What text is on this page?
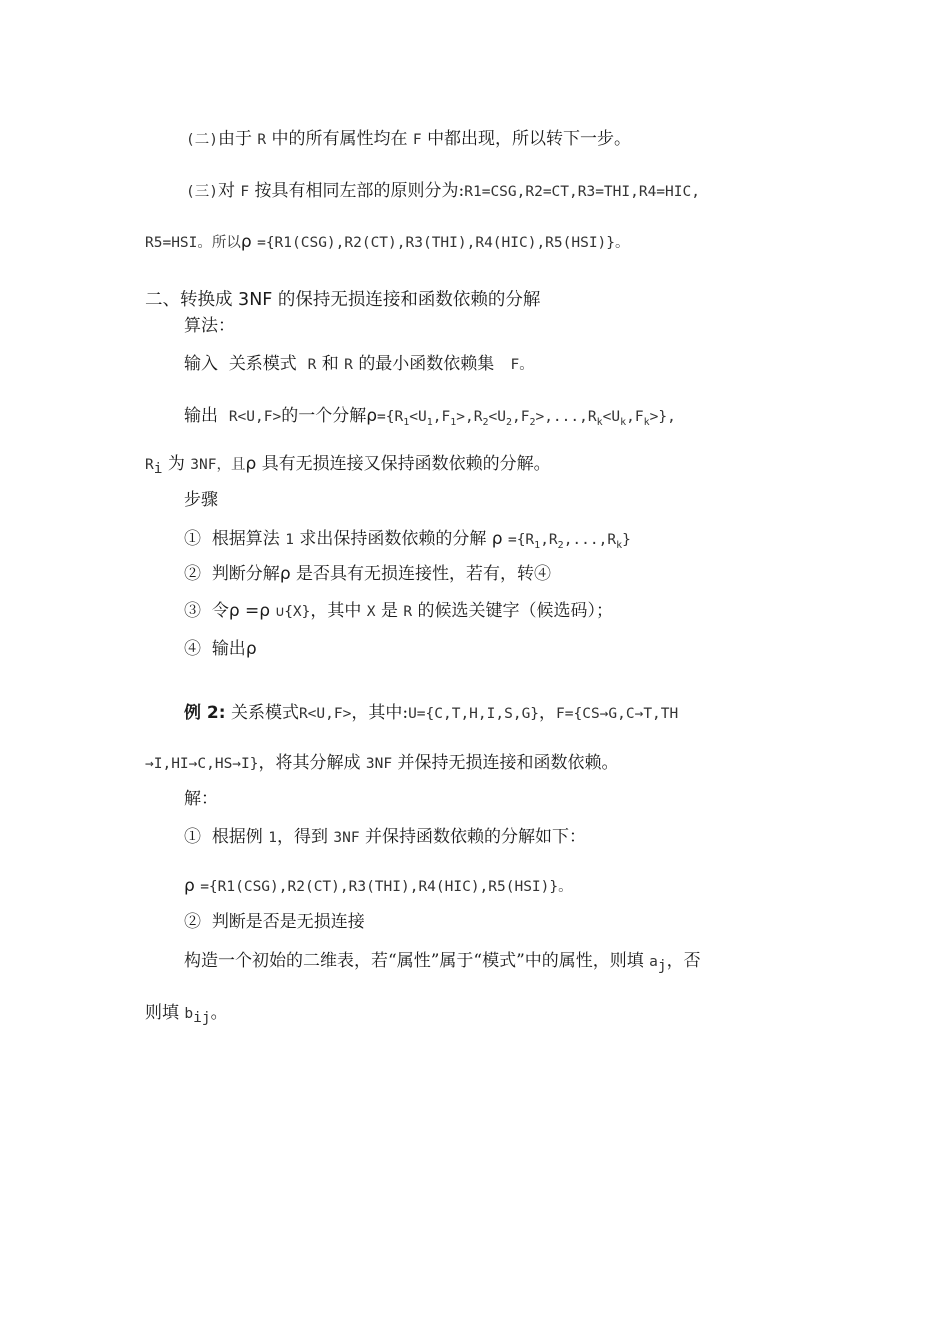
(二)由于 R 中的所有属性均在 F 中都出现，所以转下一步。
(三)对 F 按具有相同左部的原则分为:R1=CSG,R2=CT,R3=THI,R4=HIC,
R5=HSI。所以ρ ={R1(CSG),R2(CT),R3(THI),R4(HIC),R5(HSI)}。
二、转换成 3NF 的保持无损连接和函数依赖的分解
算法：
输入 关系模式 R 和 R 的最小函数依赖集 F。
输出 R<U,F>的一个分解$\rho=\{R_1<U_1,F_1>,R_2<U_2,F_2>,...,R_k<U_k,F_k>\}$,
$R_i$ 为 3NF，且ρ 具有无损连接又保持函数依赖的分解。
步骤
① 根据算法 1 求出保持函数依赖的分解 $\rho =\{R_1,R_2,...,R_k\}$
② 判断分解ρ 是否具有无损连接性，若有，转④
③ 令ρ =ρ ∪{X}，其中 X 是 R 的候选关键字（候选码）；
④ 输出ρ
例 2: 关系模式R<U,F>，其中:U={C,T,H,I,S,G}，F={CS→G,C→T,TH
→I,HI→C,HS→I}，将其分解成 3NF 并保持无损连接和函数依赖。
解：
① 根据例 1，得到 3NF 并保持函数依赖的分解如下：
ρ ={R1(CSG),R2(CT),R3(THI),R4(HIC),R5(HSI)}。
② 判断是否是无损连接
构造一个初始的二维表，若“属性”属于“模式”中的属性，则填 $a_j$，否
则填 $b_{ij}$。
